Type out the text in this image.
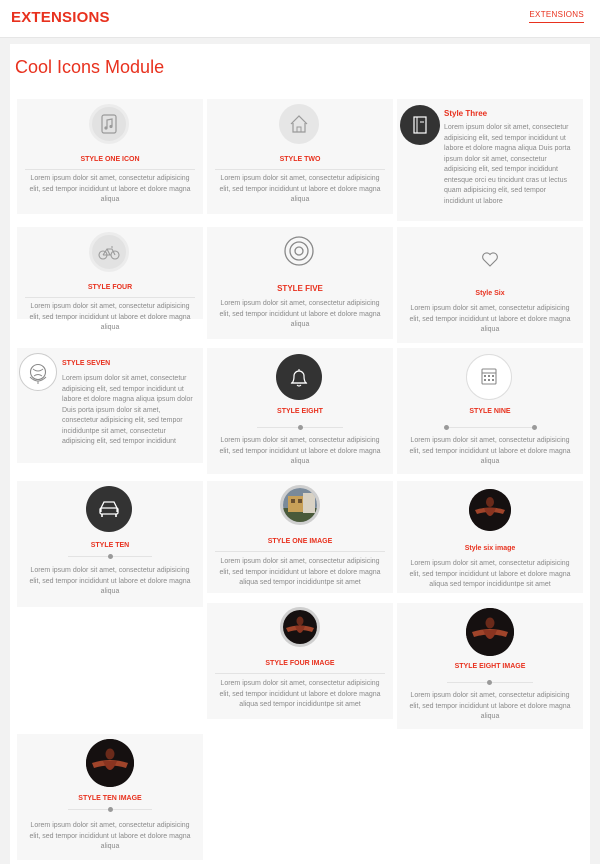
EXTENSIONS	EXTENSIONS
Cool Icons Module
STYLE ONE ICON
Lorem ipsum dolor sit amet, consectetur adipisicing elit, sed tempor incididunt ut labore et dolore magna aliqua
STYLE TWO
Lorem ipsum dolor sit amet, consectetur adipisicing elit, sed tempor incididunt ut labore et dolore magna aliqua
Style Three
Lorem ipsum dolor sit amet, consectetur adipisicing elit, sed tempor incididunt ut labore et dolore magna aliqua Duis porta ipsum dolor sit amet, consectetur adipisicing elit, sed tempor incididunt entesque orci eu tincidunt cras ut lectus quam adipisicing elit, sed tempor incididunt ut labore
STYLE FOUR
Lorem ipsum dolor sit amet, consectetur adipisicing elit, sed tempor incididunt ut labore et dolore magna aliqua
STYLE FIVE
Lorem ipsum dolor sit amet, consectetur adipisicing elit, sed tempor incididunt ut labore et dolore magna aliqua
Style Six
Lorem ipsum dolor sit amet, consectetur adipisicing elit, sed tempor incididunt ut labore et dolore magna aliqua
STYLE SEVEN
Lorem ipsum dolor sit amet, consectetur adipisicing elit, sed tempor incididunt ut labore et dolore magna aliqua ipsum dolor Duis porta ipsum dolor sit amet, consectetur adipisicing elit, sed tempor incididuntpe sit amet, consectetur adipisicing elit, sed tempor incididunt
STYLE EIGHT
Lorem ipsum dolor sit amet, consectetur adipisicing elit, sed tempor incididunt ut labore et dolore magna aliqua
STYLE NINE
Lorem ipsum dolor sit amet, consectetur adipisicing elit, sed tempor incididunt ut labore et dolore magna aliqua
STYLE TEN
Lorem ipsum dolor sit amet, consectetur adipisicing elit, sed tempor incididunt ut labore et dolore magna aliqua
STYLE ONE IMAGE
Lorem ipsum dolor sit amet, consectetur adipisicing elit, sed tempor incididunt ut labore et dolore magna aliqua sed tempor incididuntpe sit amet
Style six image
Lorem ipsum dolor sit amet, consectetur adipisicing elit, sed tempor incididunt ut labore et dolore magna aliqua sed tempor incididuntpe sit amet
STYLE FOUR IMAGE
Lorem ipsum dolor sit amet, consectetur adipisicing elit, sed tempor incididunt ut labore et dolore magna aliqua sed tempor incididuntpe sit amet
STYLE EIGHT IMAGE
Lorem ipsum dolor sit amet, consectetur adipisicing elit, sed tempor incididunt ut labore et dolore magna aliqua
STYLE TEN IMAGE
Lorem ipsum dolor sit amet, consectetur adipisicing elit, sed tempor incididunt ut labore et dolore magna aliqua
